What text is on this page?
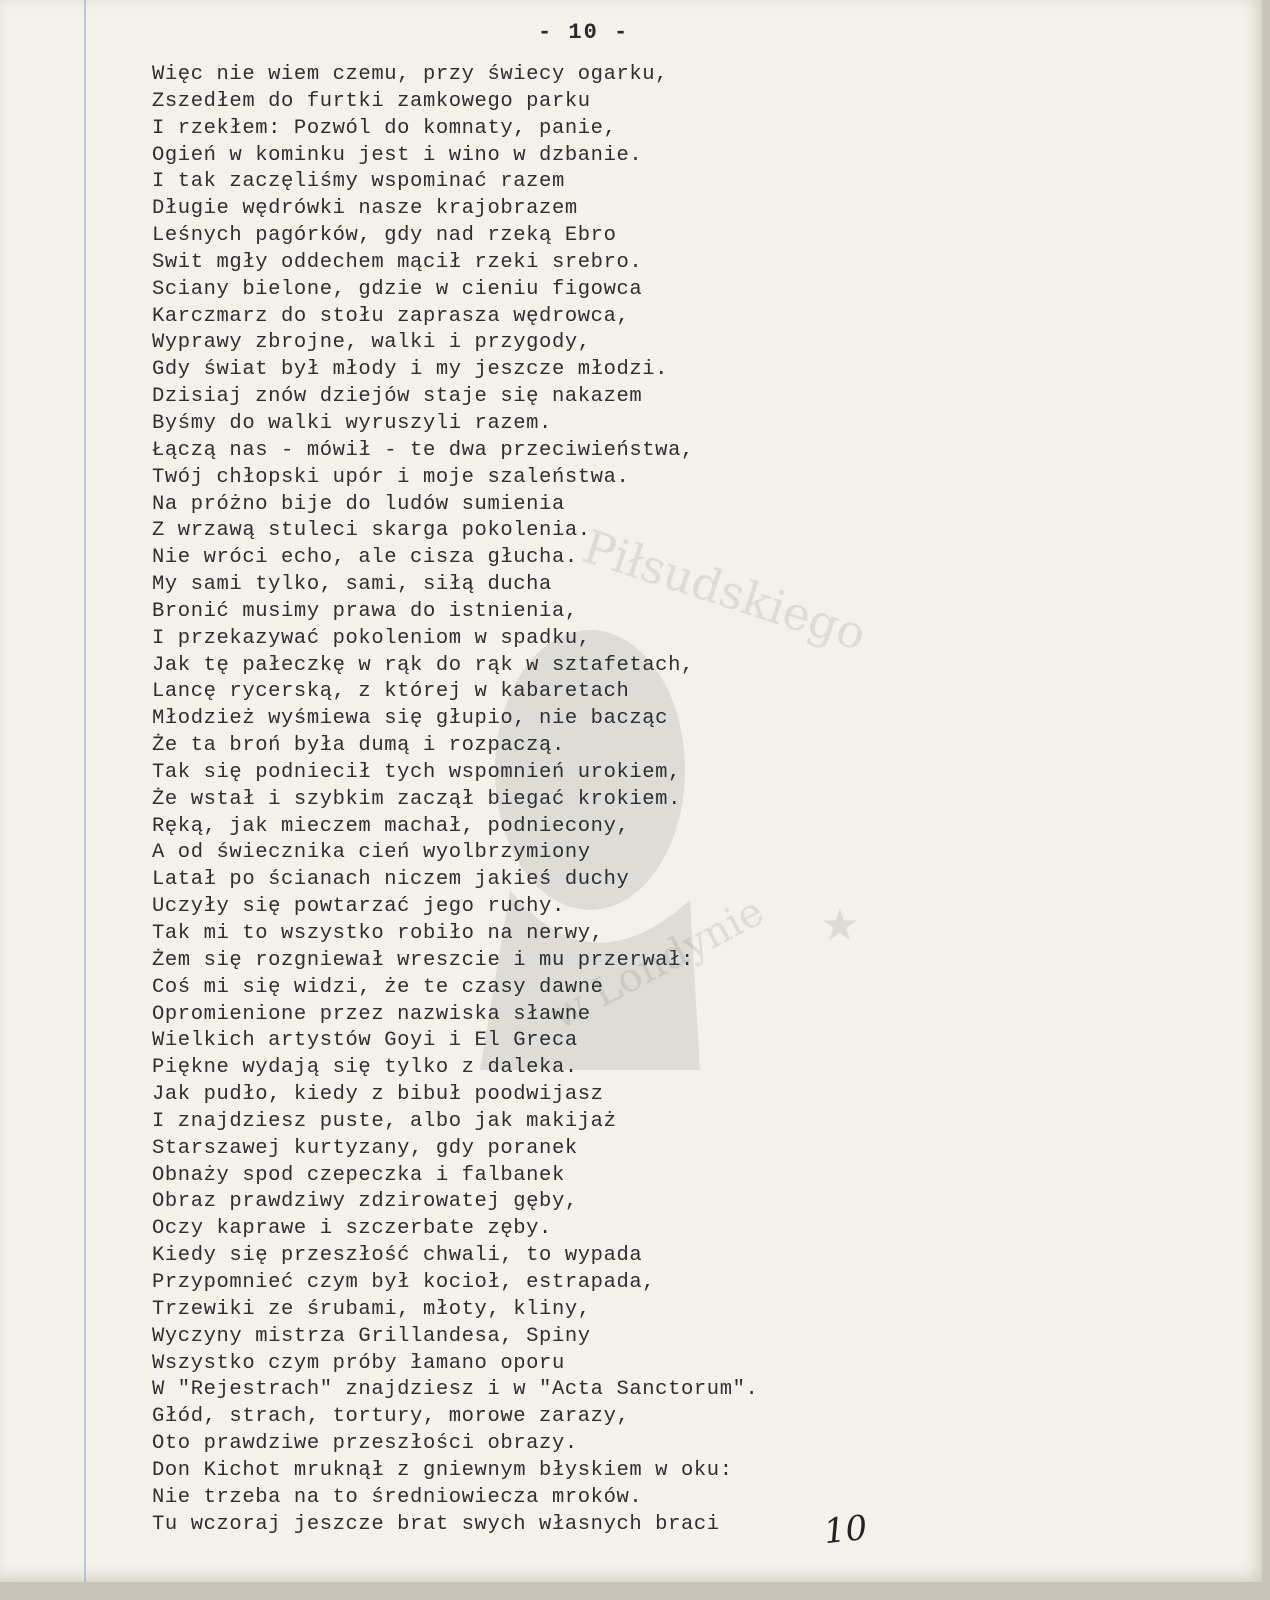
Piłsudskiego
w Londynie ★
- 10 -
Więc nie wiem czemu, przy świecy ogarku,
Zszedłem do furtki zamkowego parku
I rzekłem: Pozwól do komnaty, panie,
Ogień w kominku jest i wino w dzbanie.
I tak zaczęliśmy wspominać razem
Długie wędrówki nasze krajobrazem
Leśnych pagórków, gdy nad rzeką Ebro
Swit mgły oddechem mącił rzeki srebro.
Sciany bielone, gdzie w cieniu figowca
Karczmarz do stołu zaprasza wędrowca,
Wyprawy zbrojne, walki i przygody,
Gdy świat był młody i my jeszcze młodzi.
Dzisiaj znów dziejów staje się nakazem
Byśmy do walki wyruszyli razem.
Łączą nas - mówił - te dwa przeciwieństwa,
Twój chłopski upór i moje szaleństwa.
Na próżno bije do ludów sumienia
Z wrzawą stuleci skarga pokolenia.
Nie wróci echo, ale cisza głucha.
My sami tylko, sami, siłą ducha
Bronić musimy prawa do istnienia,
I przekazywać pokoleniom w spadku,
Jak tę pałeczkę w rąk do rąk w sztafetach,
Lancę rycerską, z której w kabaretach
Młodzież wyśmiewa się głupio, nie bacząc
Że ta broń była dumą i rozpaczą.
Tak się podniecił tych wspomnień urokiem,
Że wstał i szybkim zaczął biegać krokiem.
Ręką, jak mieczem machał, podniecony,
A od świecznika cień wyolbrzymiony
Latał po ścianach niczem jakieś duchy
Uczyły się powtarzać jego ruchy.
Tak mi to wszystko robiło na nerwy,
Żem się rozgniewał wreszcie i mu przerwał:
Coś mi się widzi, że te czasy dawne
Opromienione przez nazwiska sławne
Wielkich artystów Goyi i El Greca
Piękne wydają się tylko z daleka.
Jak pudło, kiedy z bibuł poodwijasz
I znajdziesz puste, albo jak makijaż
Starszawej kurtyzany, gdy poranek
Obnaży spod czepeczka i falbanek
Obraz prawdziwy zdzirowatej gęby,
Oczy kaprawe i szczerbate zęby.
Kiedy się przeszłość chwali, to wypada
Przypomnieć czym był kocioł, estrapada,
Trzewiki ze śrubami, młoty, kliny,
Wyczyny mistrza Grillandesa, Spiny
Wszystko czym próby łamano oporu
W "Rejestrach" znajdziesz i w "Acta Sanctorum".
Głód, strach, tortury, morowe zarazy,
Oto prawdziwe przeszłości obrazy.
Don Kichot mruknął z gniewnym błyskiem w oku:
Nie trzeba na to średniowiecza mroków.
Tu wczoraj jeszcze brat swych własnych braci	10
